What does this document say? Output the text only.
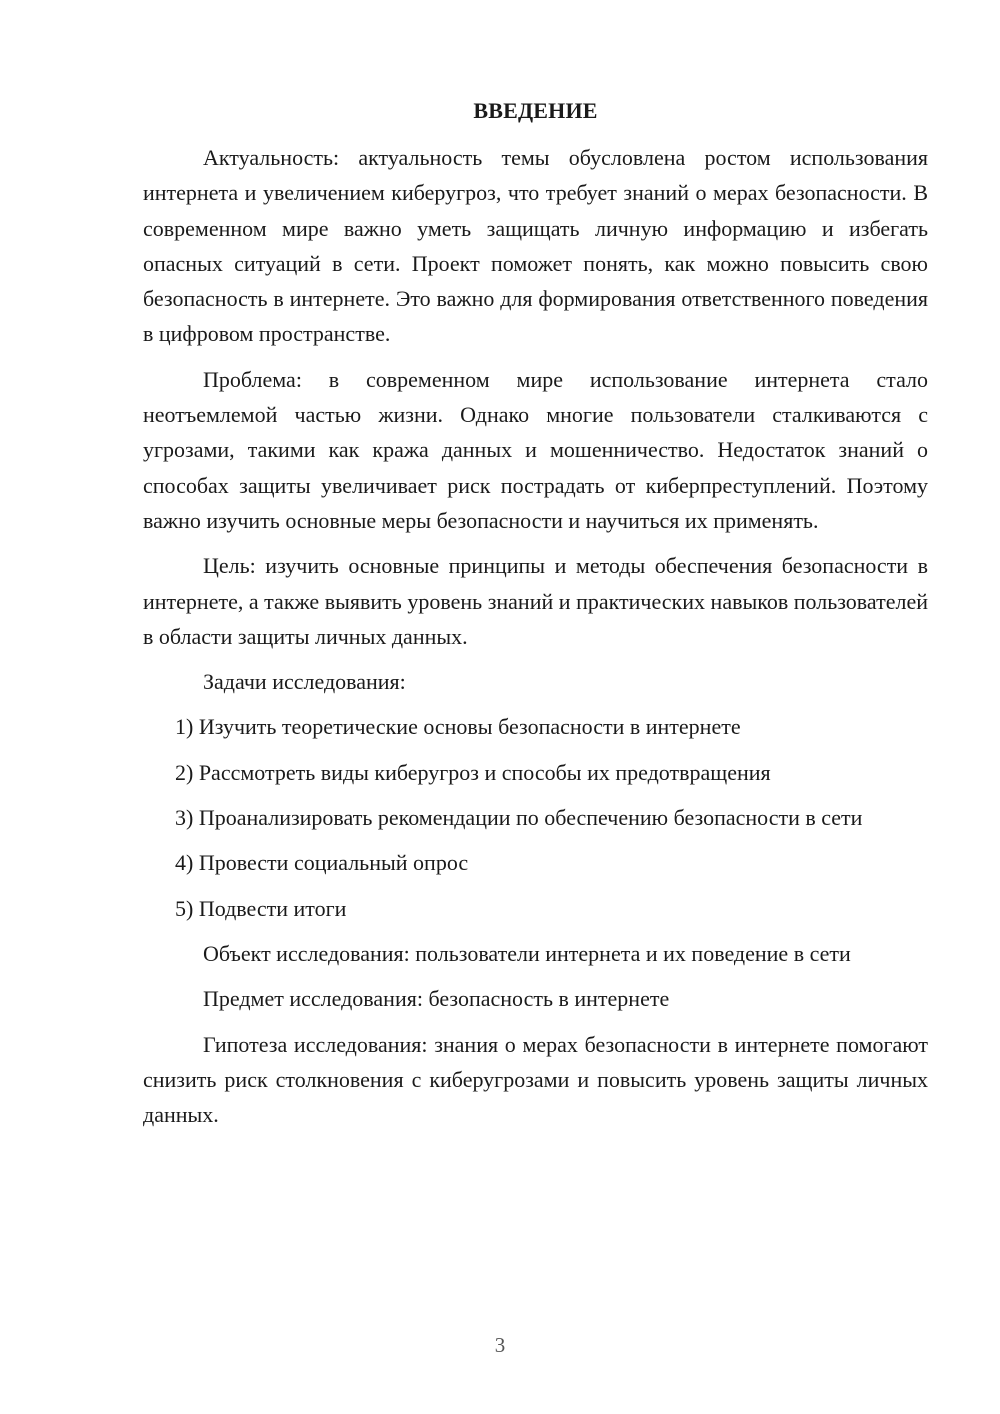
ВВЕДЕНИЕ

Актуальность: актуальность темы обусловлена ростом использования интернета и увеличением киберугроз, что требует знаний о мерах безопасности. В современном мире важно уметь защищать личную информацию и избегать опасных ситуаций в сети. Проект поможет понять, как можно повысить свою безопасность в интернете. Это важно для формирования ответственного поведения в цифровом пространстве.

Проблема: в современном мире использование интернета стало неотъемлемой частью жизни. Однако многие пользователи сталкиваются с угрозами, такими как кража данных и мошенничество. Недостаток знаний о способах защиты увеличивает риск пострадать от киберпреступлений. Поэтому важно изучить основные меры безопасности и научиться их применять.

Цель: изучить основные принципы и методы обеспечения безопасности в интернете, а также выявить уровень знаний и практических навыков пользователей в области защиты личных данных.

Задачи исследования:

1) Изучить теоретические основы безопасности в интернете

2) Рассмотреть виды киберугроз и способы их предотвращения

3) Проанализировать рекомендации по обеспечению безопасности в сети

4) Провести социальный опрос

5) Подвести итоги

Объект исследования: пользователи интернета и их поведение в сети

Предмет исследования: безопасность в интернете

Гипотеза исследования: знания о мерах безопасности в интернете помогают снизить риск столкновения с киберугрозами и повысить уровень защиты личных данных.

3
